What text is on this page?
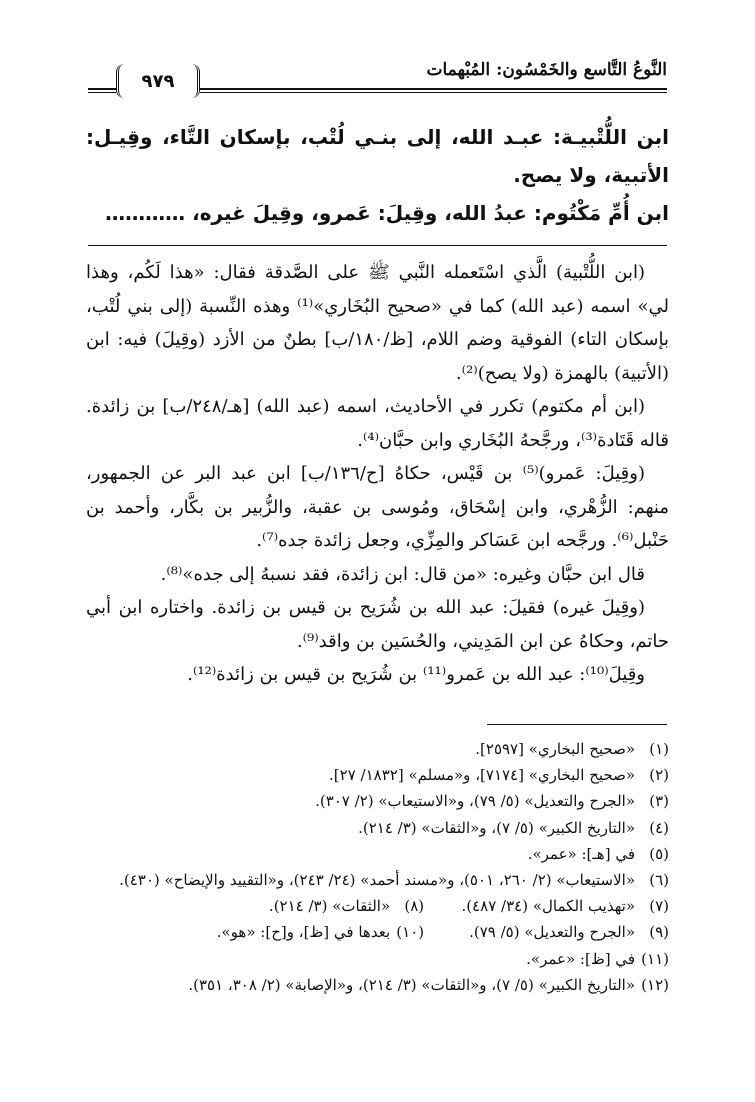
النَّوعُ التَّاسع والخَمْسُون: المُبْهمات
٩٧٩

ابن اللُّتْبيـة: عبـد الله، إلى بنـي لُتْب، بإسكان التَّاء، وقِيـل: الأتبية، ولا يصح.

ابن أُمِّ مَكْتُوم: عبدُ الله، وقِيلَ: عَمرو، وقِيلَ غيره، …………

(ابن اللُّتْبية) الَّذي اسْتَعمله النَّبي ﷺ على الصَّدقة فقال: «هذا لَكُم، وهذا لي» اسمه (عبد الله) كما في «صحيح البُخَاري»⁽¹⁾ وهذه النِّسبة (إلى بني لُتْب، بإسكان التاء) الفوقية وضم اللام، [ظ/١٨٠/ب] بطنٌ من الأزد (وقِيلَ) فيه: ابن (الأتبية) بالهمزة (ولا يصح)⁽²⁾.

(ابن أم مكتوم) تكرر في الأحاديث، اسمه (عبد الله) [هـ/٢٤٨/ب] بن زائدة. قاله قَتَادة⁽³⁾، ورجَّحهُ البُخَاري وابن حبَّان⁽⁴⁾.

(وقِيلَ: عَمرو)⁽⁵⁾ بن قَيْس، حكاهُ [ح/١٣٦/ب] ابن عبد البر عن الجمهور، منهم: الزُّهْري، وابن إسْحَاق، ومُوسى بن عقبة، والزُّبير بن بكَّار، وأحمد بن حَنْبل⁽⁶⁾. ورجَّحه ابن عَسَاكر والمِزِّي، وجعل زائدة جده⁽⁷⁾.

قال ابن حبَّان وغيره: «من قال: ابن زائدة، فقد نسبهُ إلى جده»⁽⁸⁾.

(وقِيلَ غيره) فقيلَ: عبد الله بن شُرَيح بن قيس بن زائدة. واختاره ابن أبي حاتم، وحكاهُ عن ابن المَدِيني، والحُسَين بن واقد⁽⁹⁾.

وقِيلَ⁽¹⁰⁾: عبد الله بن عَمرو⁽¹¹⁾ بن شُرَيح بن قيس بن زائدة⁽¹²⁾.

(١)
«صحيح البخاري» [٢٥٩٧].
(٢)
«صحيح البخاري» [٧١٧٤]، و«مسلم» [١٨٣٢/ ٢٧].
(٣)
«الجرح والتعديل» (٥/ ٧٩)، و«الاستيعاب» (٢/ ٣٠٧).
(٤)
«التاريخ الكبير» (٥/ ٧)، و«الثقات» (٣/ ٢١٤).
(٥)
في [هـ]: «عمر».
(٦)
«الاستيعاب» (٢/ ٢٦٠، ٥٠١)، و«مسند أحمد» (٢٤/ ٢٤٣)، و«التقييد والإيضاح» (٤٣٠).
(٧)
«تهذيب الكمال» (٣٤/ ٤٨٧).
(٨)
«الثقات» (٣/ ٢١٤).
(٩)
«الجرح والتعديل» (٥/ ٧٩).
(١٠)
بعدها في [ظ]، و[ح]: «هو».
(١١)
في [ظ]: «عمر».
(١٢)
«التاريخ الكبير» (٥/ ٧)، و«الثقات» (٣/ ٢١٤)، و«الإصابة» (٢/ ٣٠٨، ٣٥١).
